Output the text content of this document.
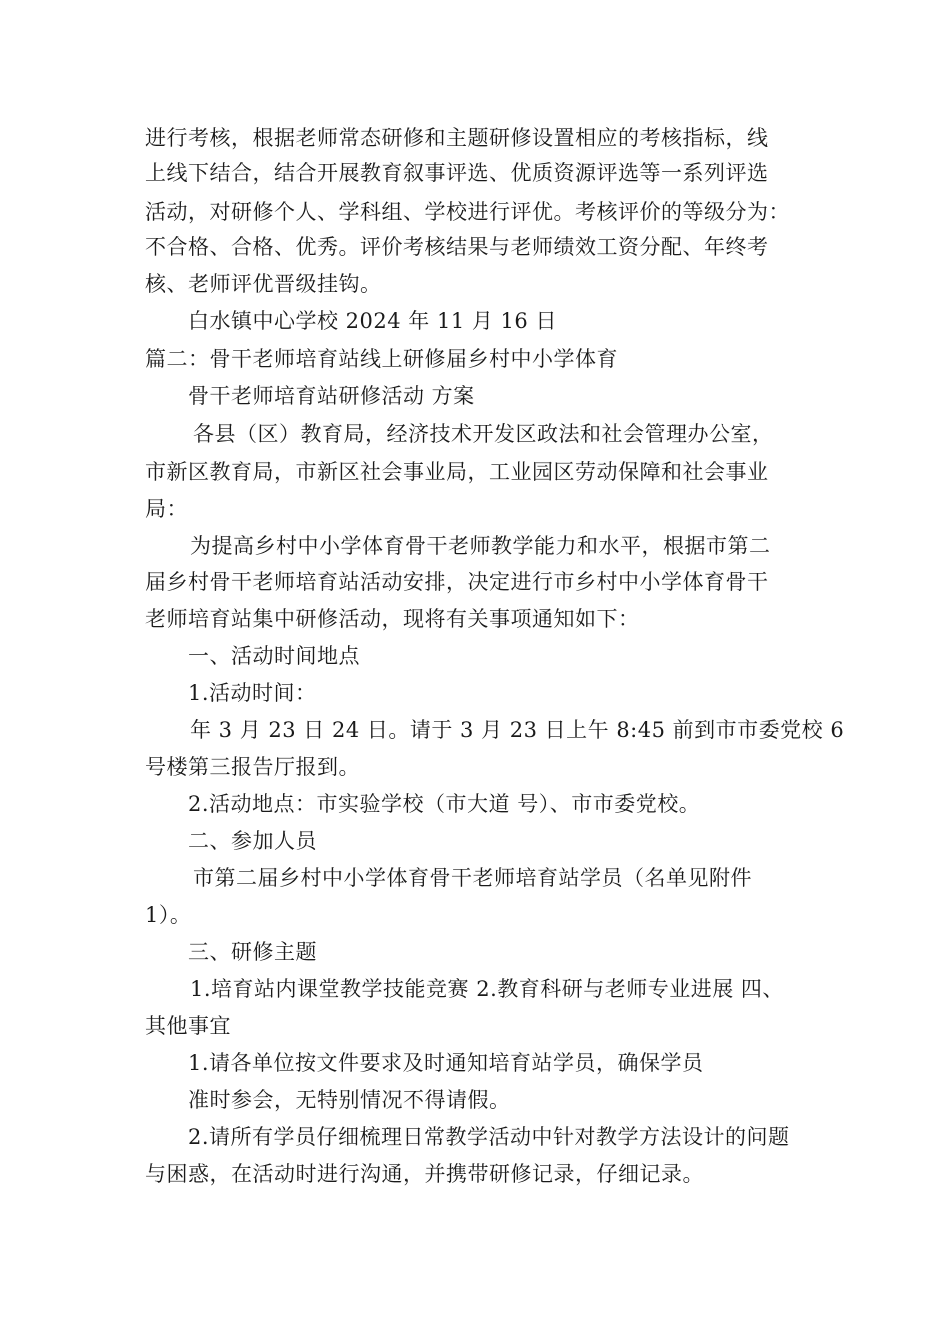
进行考核，根据老师常态研修和主题研修设置相应的考核指标，线
上线下结合，结合开展教育叙事评选、优质资源评选等一系列评选
活动，对研修个人、学科组、学校进行评优。考核评价的等级分为：
不合格、合格、优秀。评价考核结果与老师绩效工资分配、年终考
核、老师评优晋级挂钩。
白水镇中心学校 2024 年 11 月 16 日
篇二：骨干老师培育站线上研修届乡村中小学体育
骨干老师培育站研修活动 方案
各县（区）教育局，经济技术开发区政法和社会管理办公室，
市新区教育局，市新区社会事业局，工业园区劳动保障和社会事业
局：
为提高乡村中小学体育骨干老师教学能力和水平，根据市第二
届乡村骨干老师培育站活动安排，决定进行市乡村中小学体育骨干
老师培育站集中研修活动，现将有关事项通知如下：
一、活动时间地点
1.活动时间：
年 3 月 23 日 24 日。请于 3 月 23 日上午 8:45 前到市市委党校 6
号楼第三报告厅报到。
2.活动地点：市实验学校（市大道 号）、市市委党校。
二、参加人员
市第二届乡村中小学体育骨干老师培育站学员（名单见附件
1）。
三、研修主题
1.培育站内课堂教学技能竞赛 2.教育科研与老师专业进展 四、
其他事宜
1.请各单位按文件要求及时通知培育站学员，确保学员
准时参会，无特别情况不得请假。
2.请所有学员仔细梳理日常教学活动中针对教学方法设计的问题
与困惑，在活动时进行沟通，并携带研修记录，仔细记录。
